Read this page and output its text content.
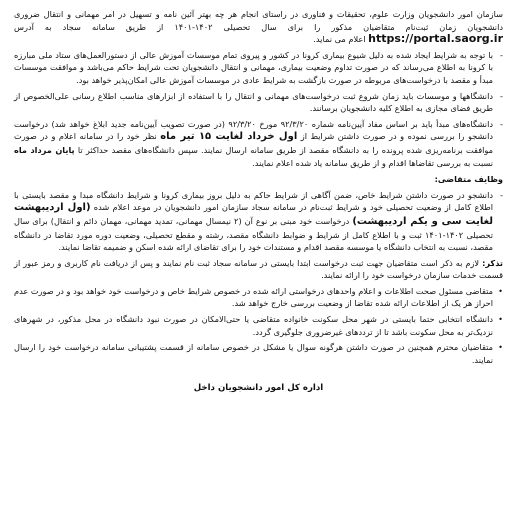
سازمان امور دانشجویان وزارت علوم، تحقیقات و فناوری در راستای انجام هر چه بهتر آئین نامه و تسهیل در امر مهمانی و انتقال ضروری دانشجویان زمان ثبت‌نام متقاضیان مذکور را برای سال تحصیلی ۱۴۰۲-۱۴۰۱ از طریق سامانه سجاد به آدرس https://portal.saorg.ir اعلام می نماید.

- با توجه به شرایط ایجاد شده به دلیل شیوع بیماری کرونا در کشور و پیروی تمام موسسات آموزش عالی از دستورالعمل‌های ستاد ملی مبارزه با کرونا به اطلاع می‌رساند که در صورت تداوم وضعیت بیماری، مهمانی و انتقال دانشجویان تحت شرایط حاکم می‌باشد و موافقت موسسات مبدأ و مقصد با درخواست‌های مربوطه در صورت بازگشت به شرایط عادی در موسسات آموزش عالی امکان‌پذیر خواهد بود.
- دانشگاهها و موسسات باید زمان شروع ثبت درخواست‌های مهمانی و انتقال را با استفاده از ابزارهای مناسب اطلاع رسانی علی‌الخصوص از طریق فضای مجازی به اطلاع کلیه دانشجویان برسانند.
- دانشگاه‌های مبدأ باید بر اساس مفاد آیین‌نامه شماره ۹۲/۳/۲۰ مورخ ۹۲/۳/۲۰ (در صورت تصویب آیین‌نامه جدید ابلاغ خواهد شد) درخواست دانشجو را بررسی نموده و در صورت داشتن شرایط از اول خرداد لغایت ۱۵ تیر ماه نظر خود را در سامانه اعلام و در صورت موافقت برنامه‌ریزی شده پرونده را به دانشگاه مقصد از طریق سامانه ارسال نمایند. سپس دانشگاه‌های مقصد حداکثر تا پایان مرداد ماه نسبت به بررسی تقاضاها اقدام و از طریق سامانه یاد شده اعلام نمایند.
وظایف متقاضی:
- دانشجو در صورت داشتن شرایط خاص، ضمن آگاهی از شرایط حاکم به دلیل بروز بیماری کرونا و شرایط دانشگاه مبدا و مقصد بایستی با اطلاع کامل از وضعیت تحصیلی خود و شرایط ثبت‌نام در سامانه سجاد سازمان امور دانشجویان در موعد اعلام شده (اول اردیبهشت لغایت سی و یکم اردیبهشت) درخواست خود مبنی بر نوع آن (۲ نیمسال مهمانی، تمدید مهمانی، مهمان دائم و انتقال) برای سال تحصیلی ۱۴۰۲-۱۴۰۱ ثبت و با اطلاع کامل از شرایط و ضوابط دانشگاه مقصد، رشته و مقطع تحصیلی، وضعیت دوره مورد تقاضا در دانشگاه مقصد، نسبت به انتخاب دانشگاه یا موسسه مقصد اقدام و مستندات خود را برای تقاضای ارائه شده اسکن و ضمیمه تقاضا نمایند.

تذکر: لازم به ذکر است متقاضیان جهت ثبت درخواست ابتدا بایستی در سامانه سجاد ثبت نام نمایند و پس از دریافت نام کاربری و رمز عبور از قسمت خدمات سازمان درخواست خود را ارائه نمایند.

• متقاضی مسئول صحت اطلاعات و اعلام واحدهای درخواستی ارائه شده در خصوص شرایط خاص و درخواست خود خواهد بود و در صورت عدم احراز هر یک از اطلاعات ارائه شده تقاضا از وضعیت بررسی خارج خواهد شد.
• دانشگاه انتخابی حتما بایستی در شهر محل سکونت خانواده متقاضی یا حتی‌الامکان در صورت نبود دانشگاه در محل مذکور، در شهرهای نزدیک‌تر به محل سکونت باشد تا از ترددهای غیرضروری جلوگیری گردد.
• متقاضیان محترم همچنین در صورت داشتن هرگونه سوال یا مشکل در خصوص سامانه از قسمت پشتیبانی سامانه درخواست خود را ارسال نمایند.
اداره کل امور دانشجویان داخل
